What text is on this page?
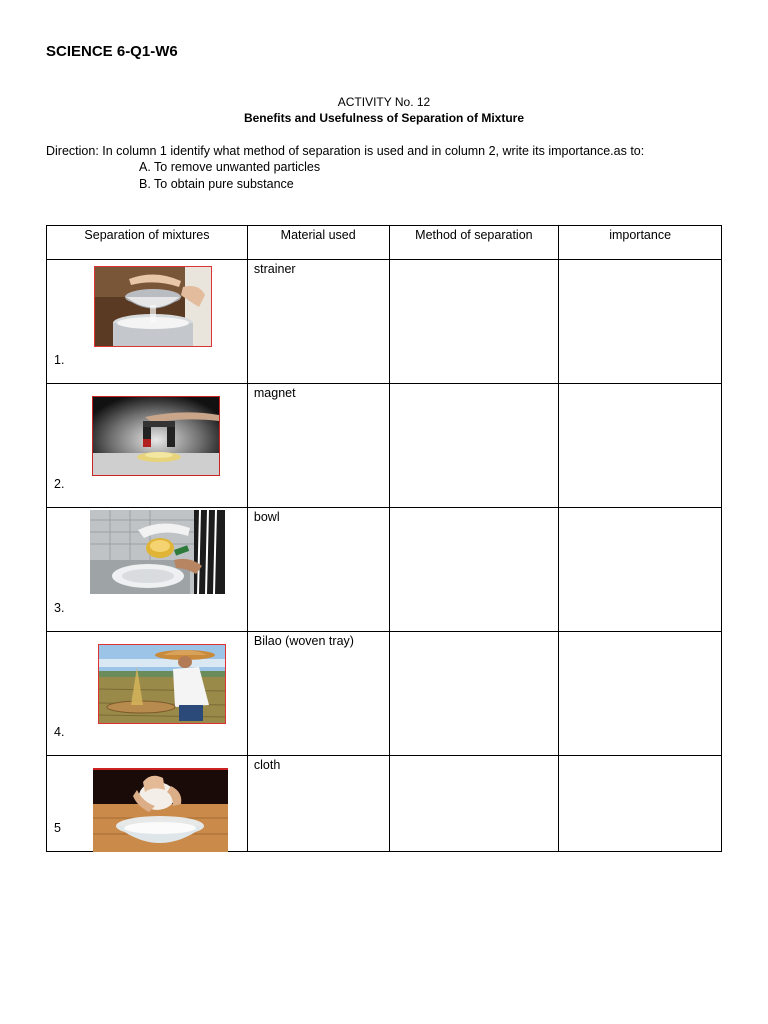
SCIENCE 6-Q1-W6
ACTIVITY No. 12
Benefits and Usefulness of Separation of Mixture
Direction: In column 1 identify what method of separation is used and in column 2, write its importance.as to:
A. To remove unwanted particles
B. To obtain pure substance
Separation of mixtures	Material used	Method of separation	importance

1.	strainer		

2.	magnet		

3.	bowl		

4.	Bilao (woven tray)		

5	cloth		
